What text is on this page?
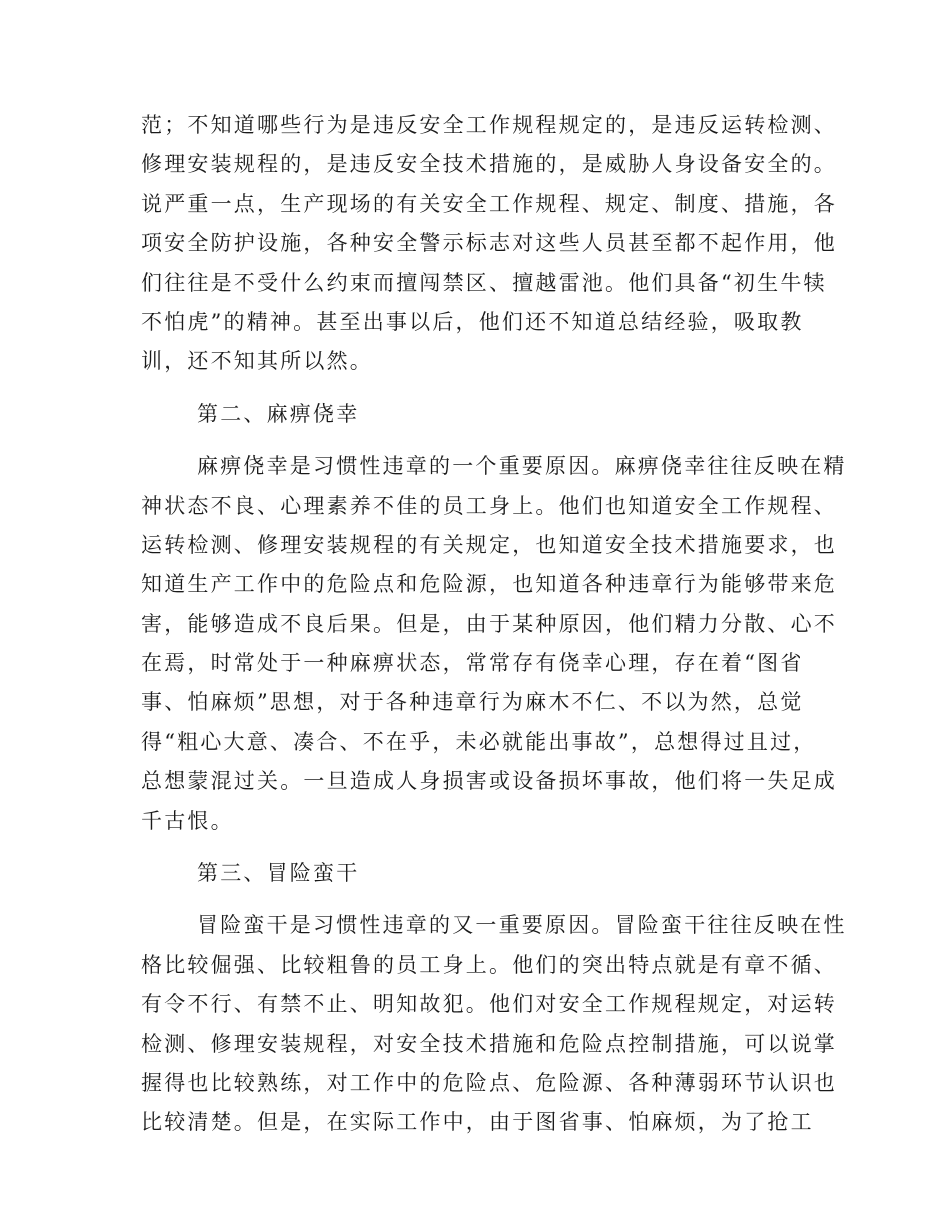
范；不知道哪些行为是违反安全工作规程规定的，是违反运转检测、
修理安装规程的，是违反安全技术措施的，是威胁人身设备安全的。
说严重一点，生产现场的有关安全工作规程、规定、制度、措施，各
项安全防护设施，各种安全警示标志对这些人员甚至都不起作用，他
们往往是不受什么约束而擅闯禁区、擅越雷池。他们具备“初生牛犊
不怕虎”的精神。甚至出事以后，他们还不知道总结经验，吸取教
训，还不知其所以然。
第二、麻痹侥幸
麻痹侥幸是习惯性违章的一个重要原因。麻痹侥幸往往反映在精
神状态不良、心理素养不佳的员工身上。他们也知道安全工作规程、
运转检测、修理安装规程的有关规定，也知道安全技术措施要求，也
知道生产工作中的危险点和危险源，也知道各种违章行为能够带来危
害，能够造成不良后果。但是，由于某种原因，他们精力分散、心不
在焉，时常处于一种麻痹状态，常常存有侥幸心理，存在着“图省
事、怕麻烦”思想，对于各种违章行为麻木不仁、不以为然，总觉
得“粗心大意、凑合、不在乎，未必就能出事故”，总想得过且过，
总想蒙混过关。一旦造成人身损害或设备损坏事故，他们将一失足成
千古恨。
第三、冒险蛮干
冒险蛮干是习惯性违章的又一重要原因。冒险蛮干往往反映在性
格比较倔强、比较粗鲁的员工身上。他们的突出特点就是有章不循、
有令不行、有禁不止、明知故犯。他们对安全工作规程规定，对运转
检测、修理安装规程，对安全技术措施和危险点控制措施，可以说掌
握得也比较熟练，对工作中的危险点、危险源、各种薄弱环节认识也
比较清楚。但是，在实际工作中，由于图省事、怕麻烦，为了抢工
